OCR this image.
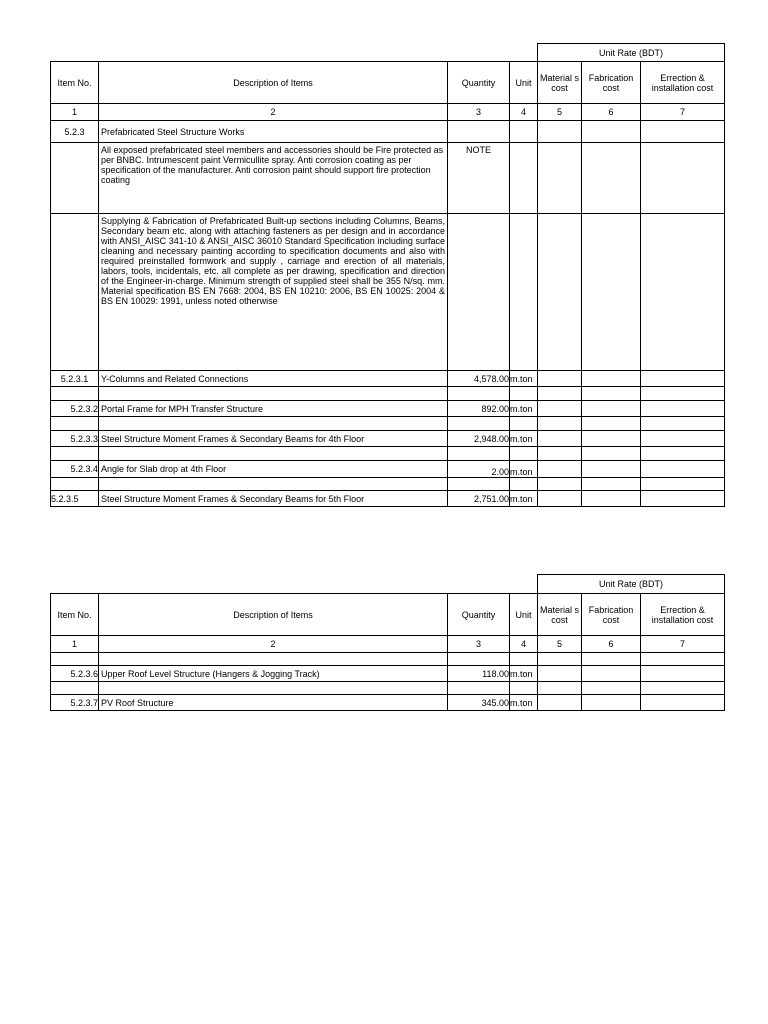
				Unit Rate (BDT)		
Item No.	Description of Items	Quantity	Unit	Material s cost	Fabrication cost	Errection & installation cost
1	2	3	4	5	6	7
5.2.3	Prefabricated Steel Structure Works					
	All exposed prefabricated steel members and accessories should be Fire protected as per BNBC. Intrumescent paint Vermicullite spray. Anti corrosion coating as per specification of the manufacturer. Anti corrosion paint should support fire protection coating	NOTE				
	Supplying & Fabrication of Prefabricated Built-up sections including Columns, Beams, Secondary beam etc. along with attaching fasteners as per design and in accordance with ANSI_AISC 341-10 & ANSI_AISC 36010 Standard Specification including surface cleaning and necessary painting according to specification documents and also with required preinstalled formwork and supply , carriage and erection of all materials, labors, tools, incidentals, etc. all complete as per drawing, specification and direction of the Engineer-in-charge. Minimum strength of supplied steel shall be 355 N/sq. mm. Material specification BS EN 7668: 2004, BS EN 10210: 2006, BS EN 10025: 2004 & BS EN 10029: 1991, unless noted otherwise					
5.2.3.1	Y-Columns and Related Connections	4,578.00	m.ton			

5.2.3.2	Portal Frame for MPH Transfer Structure	892.00	m.ton			

5.2.3.3	Steel Structure Moment Frames & Secondary Beams for 4th Floor	2,948.00	m.ton			

5.2.3.4	Angle for Slab drop at 4th Floor	2.00	m.ton			

5.2.3.5	Steel Structure Moment Frames & Secondary Beams for 5th Floor	2,751.00	m.ton			
				Unit Rate (BDT)		
Item No.	Description of Items	Quantity	Unit	Material s cost	Fabrication cost	Errection & installation cost
1	2	3	4	5	6	7

5.2.3.6	Upper Roof Level Structure (Hangers & Jogging Track)	118.00	m.ton			

5.2.3.7	PV Roof Structure	345.00	m.ton			
